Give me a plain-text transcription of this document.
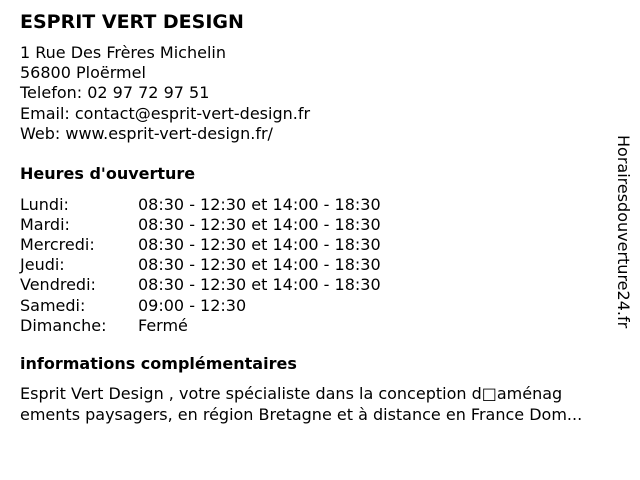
ESPRIT VERT DESIGN
1 Rue Des Frères Michelin
56800 Ploërmel
Telefon: 02 97 72 97 51
Email: contact@esprit-vert-design.fr
Web: www.esprit-vert-design.fr/
Heures d'ouverture
Lundi:	08:30 - 12:30 et 14:00 - 18:30
Mardi:	08:30 - 12:30 et 14:00 - 18:30
Mercredi:	08:30 - 12:30 et 14:00 - 18:30
Jeudi:	08:30 - 12:30 et 14:00 - 18:30
Vendredi:	08:30 - 12:30 et 14:00 - 18:30
Samedi:	09:00 - 12:30
Dimanche:	Fermé
informations complémentaires
Esprit Vert Design , votre spécialiste dans la conception d□aménag
ements paysagers, en région Bretagne et à distance en France Dom...
Horairesdouverture24.fr
